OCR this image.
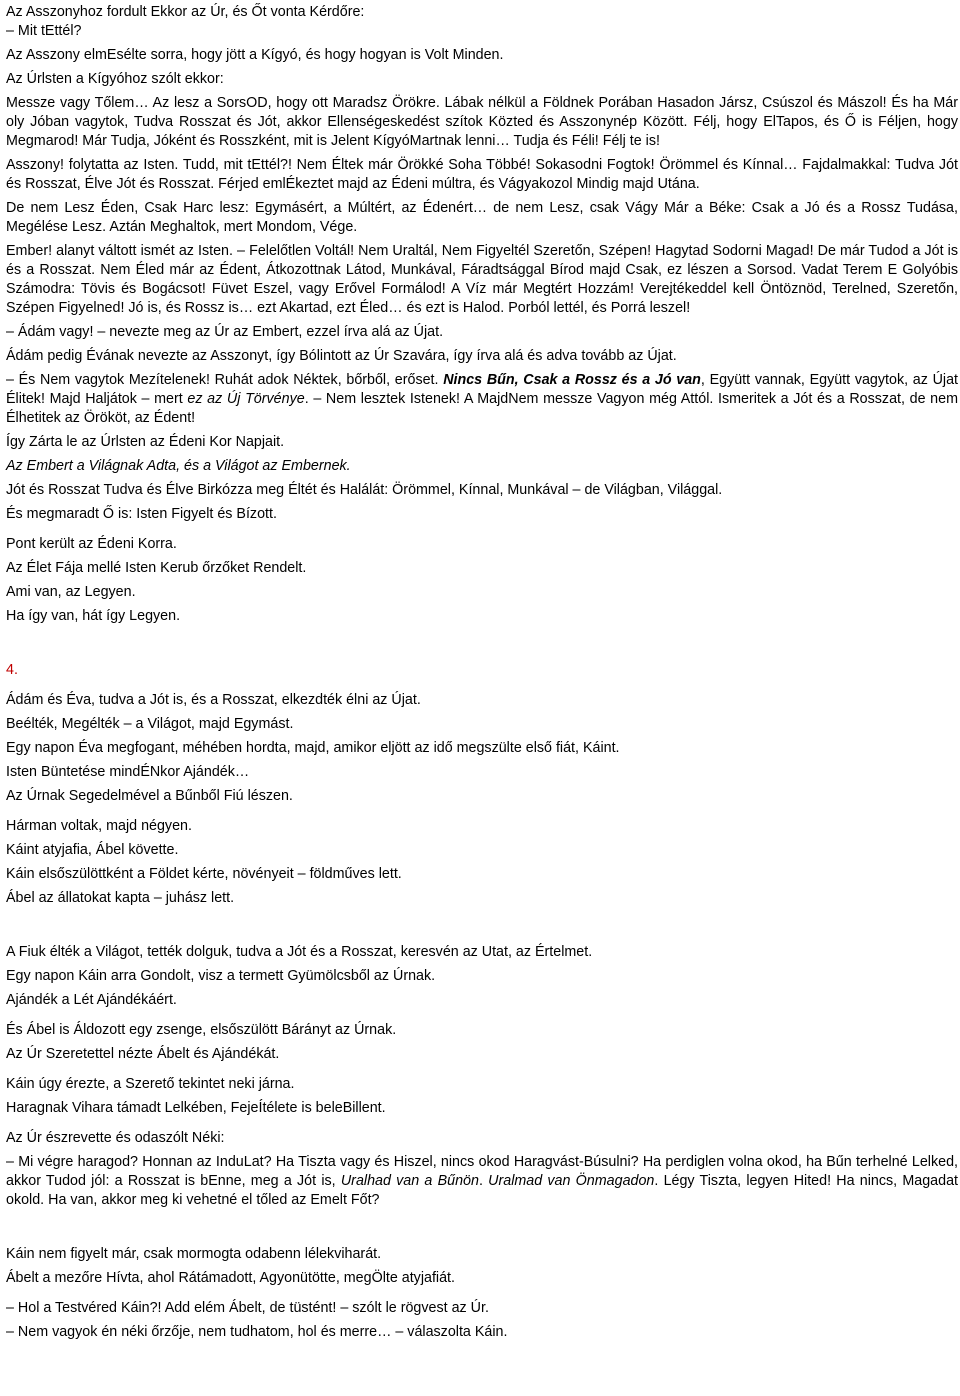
Az Asszonyhoz fordult Ekkor az Úr, és Őt vonta Kérdőre:

– Mit tEttél?

Az Asszony elmEsélte sorra, hogy jött a Kígyó, és hogy hogyan is Volt Minden.

Az Úrlsten a Kígyóhoz szólt ekkor:

Messze vagy Tőlem… Az lesz a SorsOD, hogy ott Maradsz Örökre. Lábak nélkül a Földnek Porában Hasadon Jársz, Csúszol és Mászol! És ha Már oly Jóban vagytok, Tudva Rosszat és Jót, akkor Ellenségeskedést szítok Közted és Asszonynép Között. Félj, hogy ElTapos, és Ő is Féljen, hogy Megmarod! Már Tudja, Jóként és Rosszként, mit is Jelent KígyóMartnak lenni… Tudja és Féli! Félj te is!

Asszony! folytatta az Isten. Tudd, mit tEttél?! Nem Éltek már Örökké Soha Többé! Sokasodni Fogtok! Örömmel és Kínnal… Fajdalmakkal: Tudva Jót és Rosszat, Élve Jót és Rosszat. Férjed emlÉkeztet majd az Édeni múltra, és Vágyakozol Mindig majd Utána.

De nem Lesz Éden, Csak Harc lesz: Egymásért, a Múltért, az Édenért… de nem Lesz, csak Vágy Már a Béke: Csak a Jó és a Rossz Tudása, Megélése Lesz. Aztán Meghaltok, mert Mondom, Vége.

Ember! alanyt váltott ismét az Isten. – Felelőtlen Voltál! Nem Uraltál, Nem Figyeltél Szeretőn, Szépen! Hagytad Sodorni Magad! De már Tudod a Jót is és a Rosszat. Nem Éled már az Édent, Átkozottnak Látod, Munkával, Fáradtsággal Bírod majd Csak, ez lészen a Sorsod. Vadat Terem E Golyóbis Számodra: Tövis és Bogácsot! Füvet Eszel, vagy Erővel Formálod! A Víz már Megtért Hozzám! Verejtékeddel kell Öntöznöd, Terelned, Szeretőn, Szépen Figyelned! Jó is, és Rossz is… ezt Akartad, ezt Éled… és ezt is Halod. Porból lettél, és Porrá leszel!

– Ádám vagy! – nevezte meg az Úr az Embert, ezzel írva alá az Újat.

Ádám pedig Évának nevezte az Asszonyt, így Bólintott az Úr Szavára, így írva alá és adva tovább az Újat.

– És Nem vagytok Mezítelenek! Ruhát adok Néktek, bőrből, erőset. Nincs Bűn, Csak a Rossz és a Jó van, Együtt vannak, Együtt vagytok, az Újat Élitek! Majd Haljátok – mert ez az Új Törvénye. – Nem lesztek Istenek! A MajdNem messze Vagyon még Attól. Ismeritek a Jót és a Rosszat, de nem Élhetitek az Örököt, az Édent!

Így Zárta le az Úrlsten az Édeni Kor Napjait.

Az Embert a Világnak Adta, és a Világot az Embernek.

Jót és Rosszat Tudva és Élve Birkózza meg Éltét és Halálát: Örömmel, Kínnal, Munkával – de Világban, Világgal.

És megmaradt Ő is: Isten Figyelt és Bízott.

Pont került az Édeni Korra.

Az Élet Fája mellé Isten Kerub őrzőket Rendelt.

Ami van, az Legyen.

Ha így van, hát így Legyen.

4.

Ádám és Éva, tudva a Jót is, és a Rosszat, elkezdték élni az Újat.

Beélték, Megélték – a Világot, majd Egymást.

Egy napon Éva megfogant, méhében hordta, majd, amikor eljött az idő megszülte első fiát, Káint.

Isten Büntetése mindÉNkor Ajándék…

Az Úrnak Segedelmével a Bűnből Fiú lészen.

Hárman voltak, majd négyen.

Káint atyjafia, Ábel követte.

Káin elsőszülöttként a Földet kérte, növényeit – földműves lett.

Ábel az állatokat kapta – juhász lett.

A Fiuk élték a Világot, tették dolguk, tudva a Jót és a Rosszat, keresvén az Utat, az Értelmet.

Egy napon Káin arra Gondolt, visz a termett Gyümölcsből az Úrnak.

Ajándék a Lét Ajándékáért.

És Ábel is Áldozott egy zsenge, elsőszülött Bárányt az Úrnak.

Az Úr Szeretettel nézte Ábelt és Ajándékát.

Káin úgy érezte, a Szerető tekintet neki járna.

Haragnak Vihara támadt Lelkében, FejeÍtélete is beleBillent.

Az Úr észrevette és odaszólt Néki:

– Mi végre haragod? Honnan az InduLat? Ha Tiszta vagy és Hiszel, nincs okod Haragvást-Búsulni? Ha perdiglen volna okod, ha Bűn terhelné Lelked, akkor Tudod jól: a Rosszat is bEnne, meg a Jót is, Uralhad van a Bűnön. Uralmad van Önmagadon. Légy Tiszta, legyen Hited! Ha nincs, Magadat okold. Ha van, akkor meg ki vehetné el tőled az Emelt Főt?

Káin nem figyelt már, csak mormogta odabenn lélekviharát.

Ábelt a mezőre Hívta, ahol Rátámadott, Agyonütötte, megÖlte atyjafiát.

– Hol a Testvéred Káin?! Add elém Ábelt, de tüstént! – szólt le rögvest az Úr.

– Nem vagyok én néki őrzője, nem tudhatom, hol és merre… – válaszolta Káin.
